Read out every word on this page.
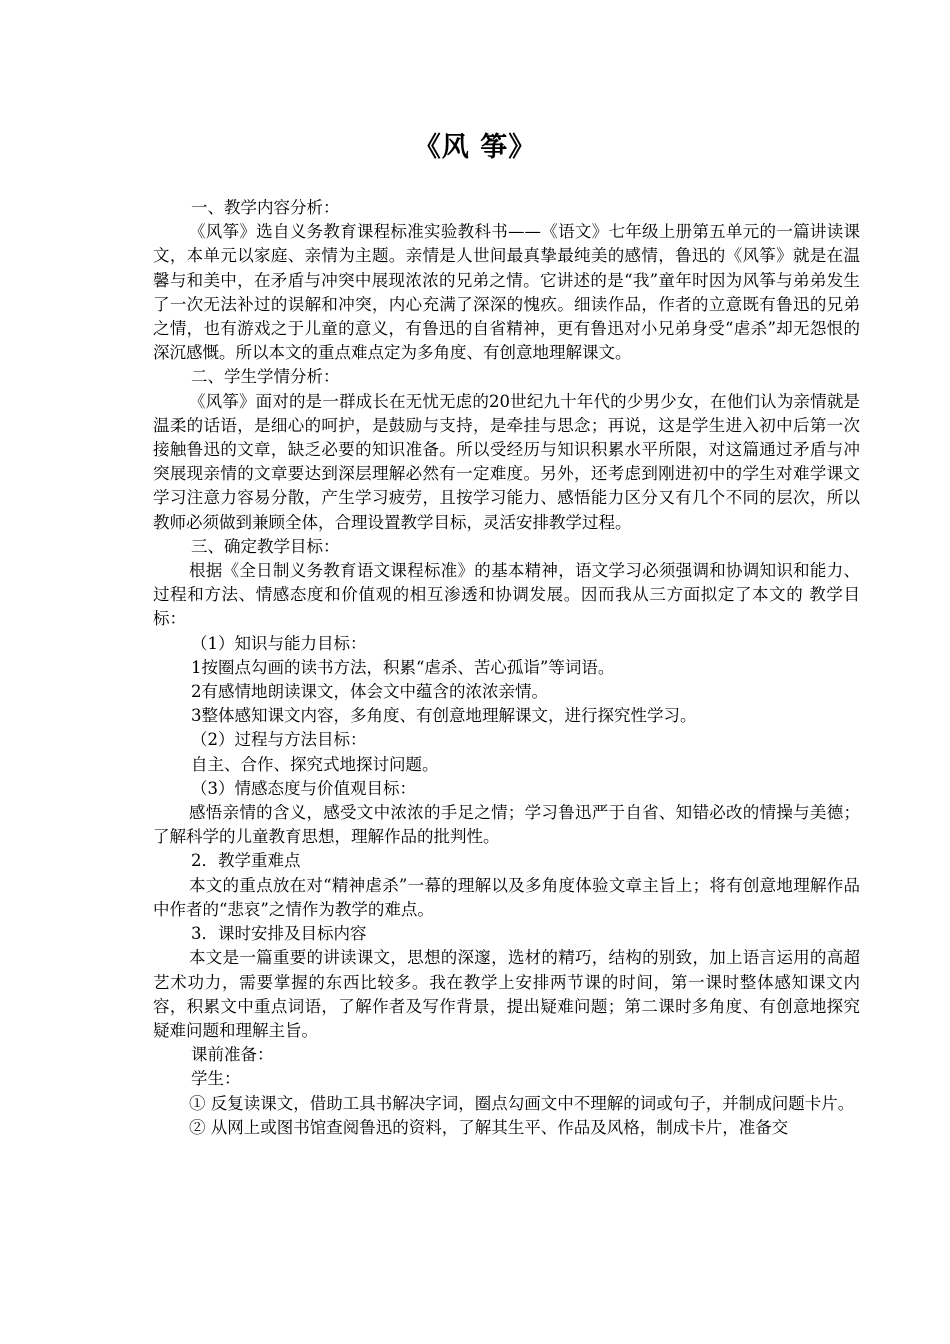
《风 筝》

一、教学内容分析：

《风筝》选自义务教育课程标准实验教科书——《语文》七年级上册第五单元的一篇讲读课文，本单元以家庭、亲情为主题。亲情是人世间最真挚最纯美的感情，鲁迅的《风筝》就是在温馨与和美中，在矛盾与冲突中展现浓浓的兄弟之情。它讲述的是“我”童年时因为风筝与弟弟发生了一次无法补过的误解和冲突，内心充满了深深的愧疚。细读作品，作者的立意既有鲁迅的兄弟之情，也有游戏之于儿童的意义，有鲁迅的自省精神，更有鲁迅对小兄弟身受“虐杀”却无怨恨的深沉感慨。所以本文的重点难点定为多角度、有创意地理解课文。

二、学生学情分析：

《风筝》面对的是一群成长在无忧无虑的20世纪九十年代的少男少女，在他们认为亲情就是温柔的话语，是细心的呵护，是鼓励与支持，是牵挂与思念；再说，这是学生进入初中后第一次接触鲁迅的文章，缺乏必要的知识准备。所以受经历与知识积累水平所限，对这篇通过矛盾与冲突展现亲情的文章要达到深层理解必然有一定难度。另外，还考虑到刚进初中的学生对难学课文学习注意力容易分散，产生学习疲劳，且按学习能力、感悟能力区分又有几个不同的层次，所以教师必须做到兼顾全体，合理设置教学目标，灵活安排教学过程。

三、确定教学目标：

根据《全日制义务教育语文课程标准》的基本精神，语文学习必须强调和协调知识和能力、过程和方法、情感态度和价值观的相互渗透和协调发展。因而我从三方面拟定了本文的 教学目标：

（1）知识与能力目标：

1按圈点勾画的读书方法，积累“虐杀、苦心孤诣”等词语。

2有感情地朗读课文，体会文中蕴含的浓浓亲情。

3整体感知课文内容，多角度、有创意地理解课文，进行探究性学习。

（2）过程与方法目标：

自主、合作、探究式地探讨问题。

（3）情感态度与价值观目标：

感悟亲情的含义，感受文中浓浓的手足之情；学习鲁迅严于自省、知错必改的情操与美德；了解科学的儿童教育思想，理解作品的批判性。

2．教学重难点

本文的重点放在对“精神虐杀”一幕的理解以及多角度体验文章主旨上；将有创意地理解作品中作者的“悲哀”之情作为教学的难点。

3．课时安排及目标内容

本文是一篇重要的讲读课文，思想的深邃，选材的精巧，结构的别致，加上语言运用的高超艺术功力，需要掌握的东西比较多。我在教学上安排两节课的时间，第一课时整体感知课文内容，积累文中重点词语，了解作者及写作背景，提出疑难问题；第二课时多角度、有创意地探究疑难问题和理解主旨。

课前准备：

学生：

① 反复读课文，借助工具书解决字词，圈点勾画文中不理解的词或句子，并制成问题卡片。

② 从网上或图书馆查阅鲁迅的资料，了解其生平、作品及风格，制成卡片，准备交
